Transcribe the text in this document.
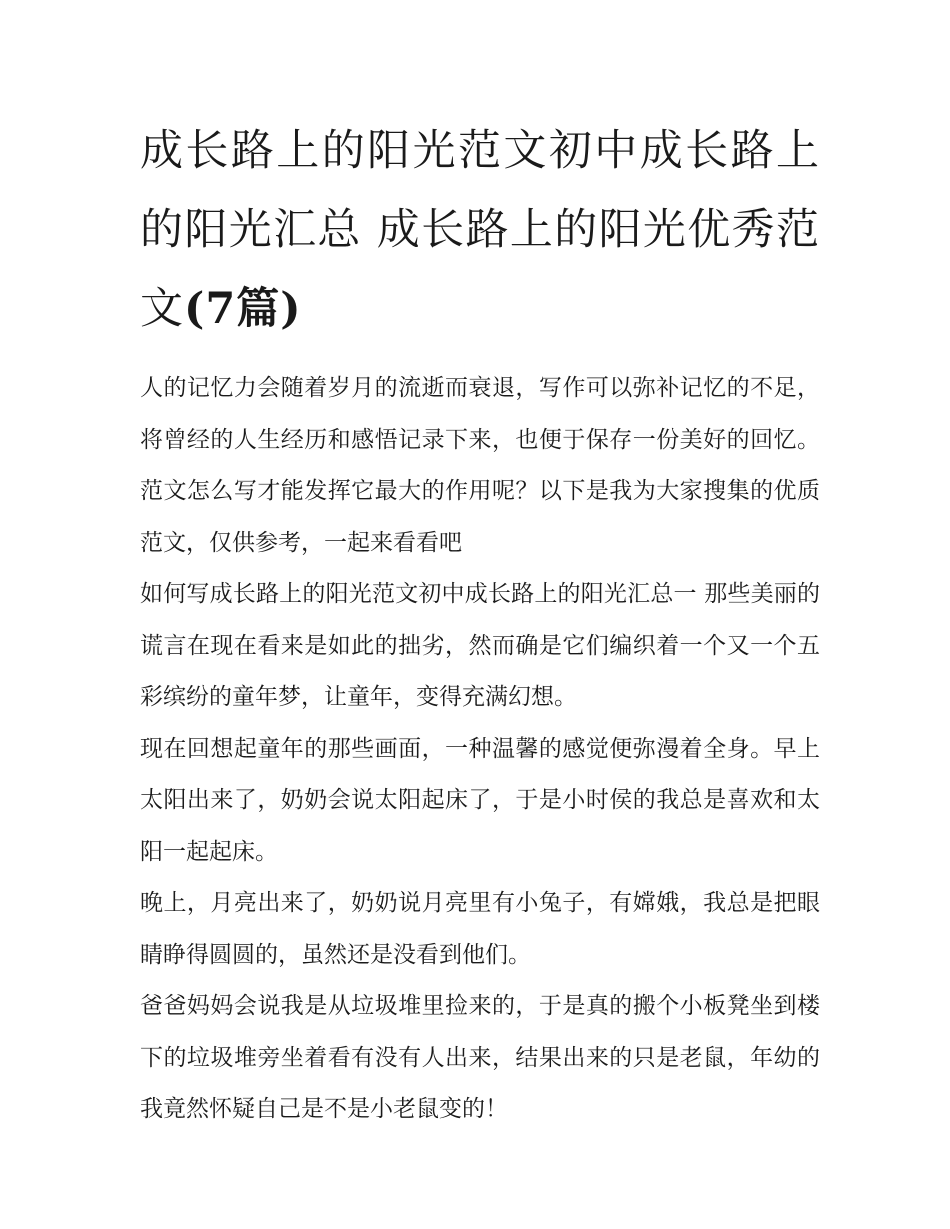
成长路上的阳光范文初中成长路上的阳光汇总 成长路上的阳光优秀范文(7篇)

人的记忆力会随着岁月的流逝而衰退，写作可以弥补记忆的不足，将曾经的人生经历和感悟记录下来，也便于保存一份美好的回忆。范文怎么写才能发挥它最大的作用呢？以下是我为大家搜集的优质范文，仅供参考，一起来看看吧

如何写成长路上的阳光范文初中成长路上的阳光汇总一 那些美丽的谎言在现在看来是如此的拙劣，然而确是它们编织着一个又一个五彩缤纷的童年梦，让童年，变得充满幻想。

现在回想起童年的那些画面，一种温馨的感觉便弥漫着全身。早上太阳出来了，奶奶会说太阳起床了，于是小时侯的我总是喜欢和太阳一起起床。

晚上，月亮出来了，奶奶说月亮里有小兔子，有嫦娥，我总是把眼睛睁得圆圆的，虽然还是没看到他们。

爸爸妈妈会说我是从垃圾堆里捡来的，于是真的搬个小板凳坐到楼下的垃圾堆旁坐着看有没有人出来，结果出来的只是老鼠，年幼的我竟然怀疑自己是不是小老鼠变的！
